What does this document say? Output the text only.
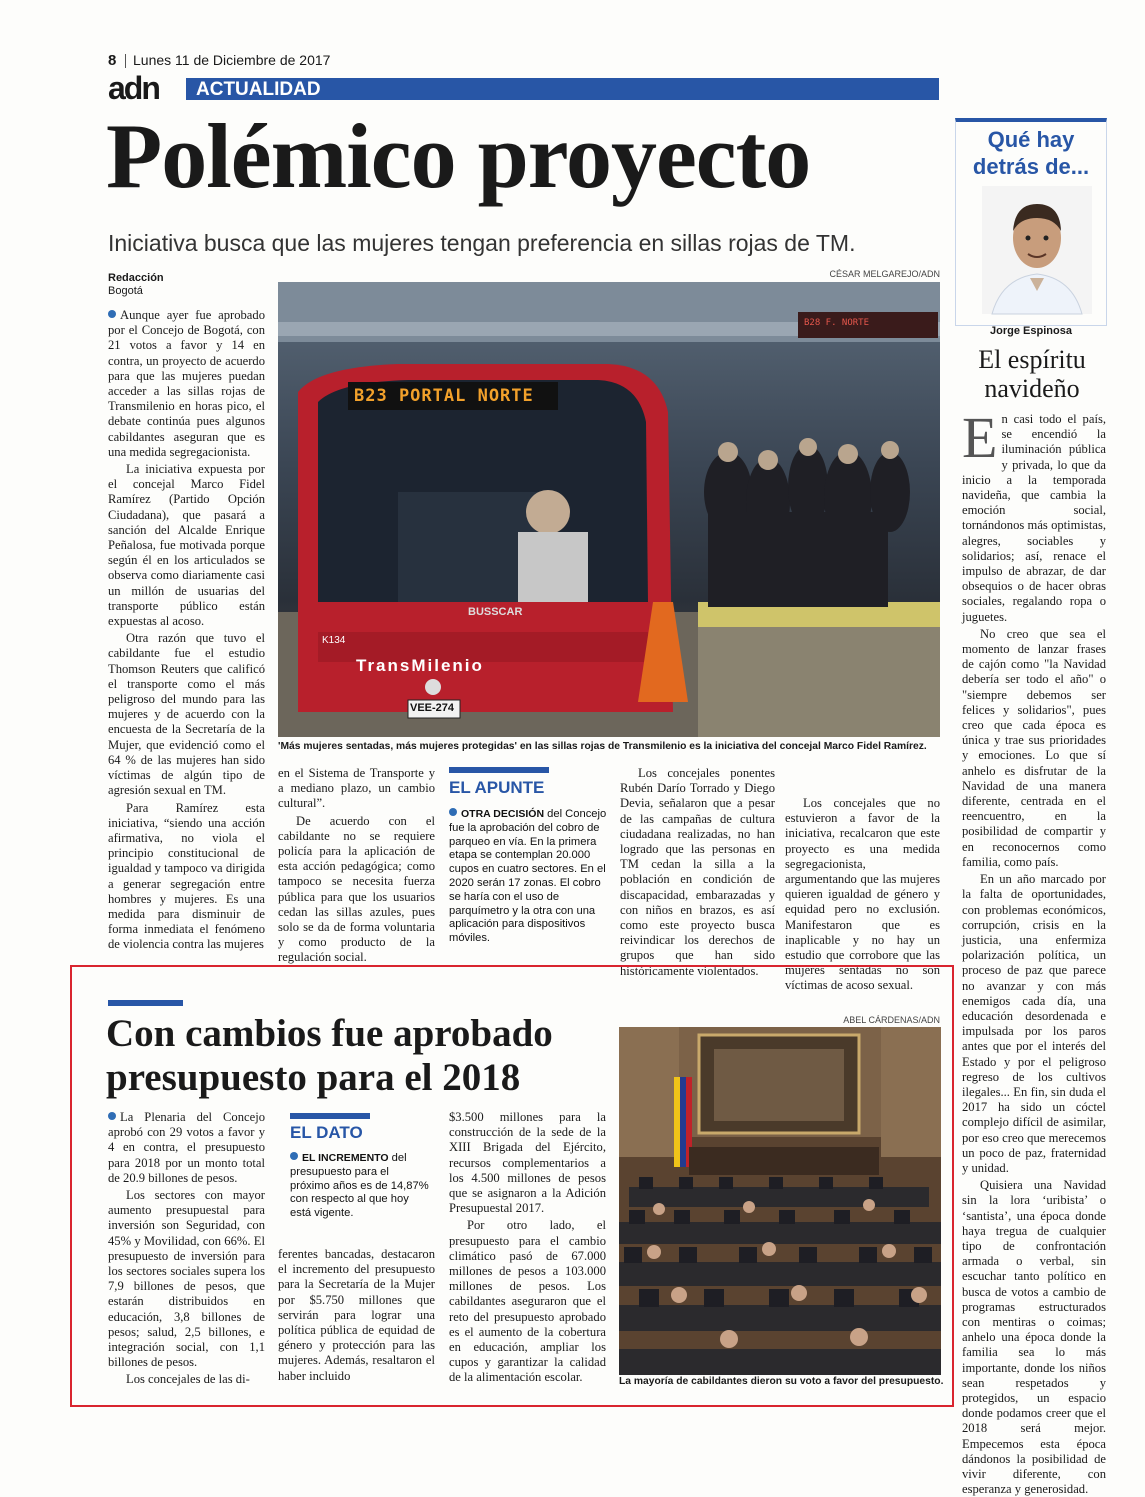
8 Lunes 11 de Diciembre de 2017
adn ACTUALIDAD
Polémico proyecto
Iniciativa busca que las mujeres tengan preferencia en sillas rojas de TM.
Redacción
Bogotá
CÉSAR MELGAREJO/ADN
B23 PORTAL NORTE
B28 F. NORTE
BUSSCAR
K134
TransMilenio
VEE-274
'Más mujeres sentadas, más mujeres protegidas' en las sillas rojas de Transmilenio es la iniciativa del concejal Marco Fidel Ramírez.

Aunque ayer fue aprobado por el Concejo de Bogotá, con 21 votos a favor y 14 en contra, un proyecto de acuerdo para que las mujeres puedan acceder a las sillas rojas de Transmilenio en horas pico, el debate continúa pues algunos cabildantes aseguran que es una medida segregacionista.

La iniciativa expuesta por el concejal Marco Fidel Ramírez (Partido Opción Ciudadana), que pasará a sanción del Alcalde Enrique Peñalosa, fue motivada porque según él en los articulados se observa como diariamente casi un millón de usuarias del transporte público están expuestas al acoso.

Otra razón que tuvo el cabildante fue el estudio Thomson Reuters que calificó el transporte como el más peligroso del mundo para las mujeres y de acuerdo con la encuesta de la Secretaría de la Mujer, que evidenció como el 64 % de las mujeres han sido víctimas de algún tipo de agresión sexual en TM.

Para Ramírez esta iniciativa, “siendo una acción afirmativa, no viola el principio constitucional de igualdad y tampoco va dirigida a generar segregación entre hombres y mujeres. Es una medida para disminuir de forma inmediata el fenómeno de violencia contra las mujeres

en el Sistema de Transporte y a mediano plazo, un cambio cultural”.

De acuerdo con el cabildante no se requiere policía para la aplicación de esta acción pedagógica; como tampoco se necesita fuerza pública para que los usuarios cedan las sillas azules, pues solo se da de forma voluntaria y como producto de la regulación social.

EL APUNTE
OTRA DECISIÓN del Concejo fue la aprobación del cobro de parqueo en vía. En la primera etapa se contemplan 20.000 cupos en cuatro sectores. En el 2020 serán 17 zonas. El cobro se haría con el uso de parquímetro y la otra con una aplicación para dispositivos móviles.

Los concejales ponentes Rubén Darío Torrado y Diego Devia, señalaron que a pesar de las campañas de cultura ciudadana realizadas, no han logrado que las personas en TM cedan la silla a la población en condición de discapacidad, embarazadas y con niños en brazos, es así como este proyecto busca reivindicar los derechos de grupos que han sido históricamente violentados.

Los concejales que no estuvieron a favor de la iniciativa, recalcaron que este proyecto es una medida segregacionista, argumentando que las mujeres quieren igualdad de género y equidad pero no exclusión. Manifestaron que es inaplicable y no hay un estudio que corrobore que las mujeres sentadas no son víctimas de acoso sexual.

Qué hay detrás de...
Jorge Espinosa
El espíritu navideño

En casi todo el país, se encendió la iluminación pública y privada, lo que da inicio a la temporada navideña, que cambia la emoción social, tornándonos más optimistas, alegres, sociables y solidarios; así, renace el impulso de abrazar, de dar obsequios o de hacer obras sociales, regalando ropa o juguetes.

No creo que sea el momento de lanzar frases de cajón como "la Navidad debería ser todo el año" o "siempre debemos ser felices y solidarios", pues creo que cada época es única y trae sus prioridades y emociones. Lo que sí anhelo es disfrutar de la Navidad de una manera diferente, centrada en el reencuentro, en la posibilidad de compartir y en reconocernos como familia, como país.

En un año marcado por la falta de oportunidades, con problemas económicos, corrupción, crisis en la justicia, una enfermiza polarización política, un proceso de paz que parece no avanzar y con más enemigos cada día, una educación desordenada e impulsada por los paros antes que por el interés del Estado y por el peligroso regreso de los cultivos ilegales... En fin, sin duda el 2017 ha sido un cóctel complejo difícil de asimilar, por eso creo que merecemos un poco de paz, fraternidad y unidad.

Quisiera una Navidad sin la lora ‘uribista’ o ‘santista’, una época donde haya tregua de cualquier tipo de confrontación armada o verbal, sin escuchar tanto político en busca de votos a cambio de programas estructurados con mentiras o coimas; anhelo una época donde la familia sea lo más importante, donde los niños sean respetados y protegidos, un espacio donde podamos creer que el 2018 será mejor. Empecemos esta época dándonos la posibilidad de vivir diferente, con esperanza y generosidad.

Con cambios fue aprobado presupuesto para el 2018
ABEL CÁRDENAS/ADN
La mayoría de cabildantes dieron su voto a favor del presupuesto.

La Plenaria del Concejo aprobó con 29 votos a favor y 4 en contra, el presupuesto para 2018 por un monto total de 20.9 billones de pesos.

Los sectores con mayor aumento presupuestal para inversión son Seguridad, con 45% y Movilidad, con 66%. El presupuesto de inversión para los sectores sociales supera los 7,9 billones de pesos, que estarán distribuidos en educación, 3,8 billones de pesos; salud, 2,5 billones, e integración social, con 1,1 billones de pesos.

Los concejales de las di-

EL DATO
EL INCREMENTO del presupuesto para el próximo años es de 14,87% con respecto al que hoy está vigente.

ferentes bancadas, destacaron el incremento del presupuesto para la Secretaría de la Mujer por $5.750 millones que servirán para lograr una política pública de equidad de género y protección para las mujeres. Además, resaltaron el haber incluido

$3.500 millones para la construcción de la sede de la XIII Brigada del Ejército, recursos complementarios a los 4.500 millones de pesos que se asignaron a la Adición Presupuestal 2017.

Por otro lado, el presupuesto para el cambio climático pasó de 67.000 millones de pesos a 103.000 millones de pesos. Los cabildantes aseguraron que el reto del presupuesto aprobado es el aumento de la cobertura en educación, ampliar los cupos y garantizar la calidad de la alimentación escolar.
